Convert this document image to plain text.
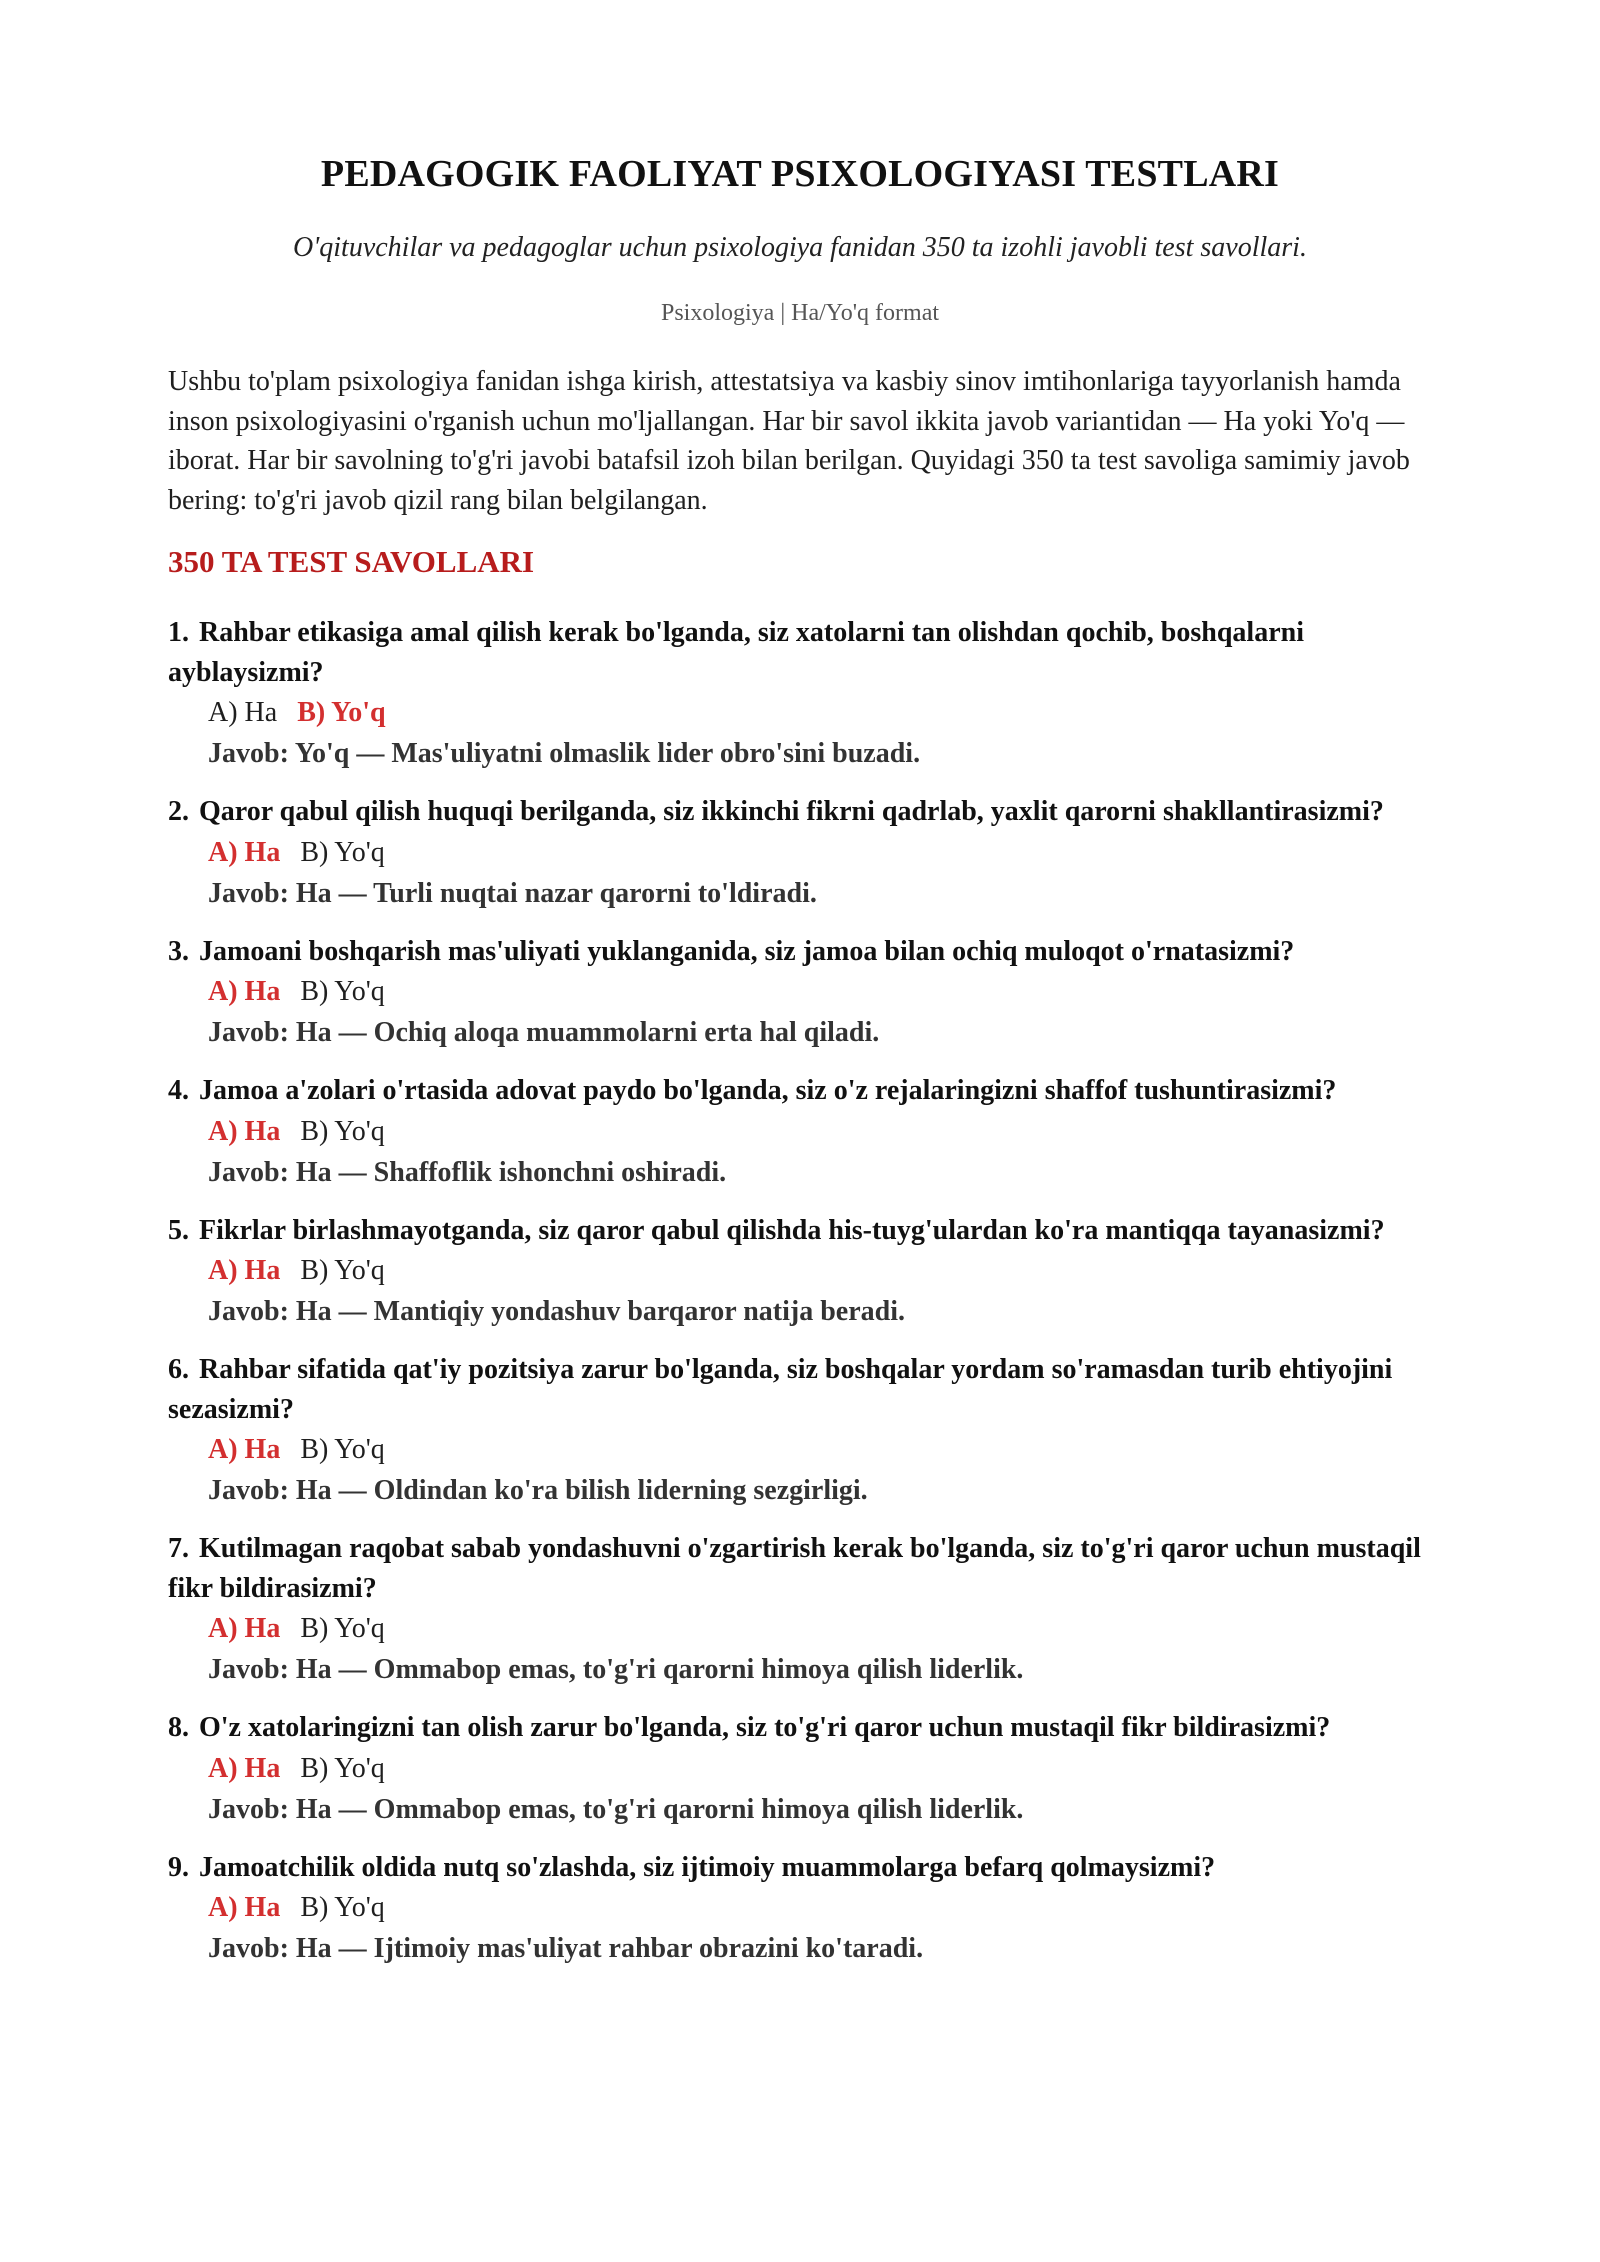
PEDAGOGIK FAOLIYAT PSIXOLOGIYASI TESTLARI
O'qituvchilar va pedagoglar uchun psixologiya fanidan 350 ta izohli javobli test savollari.
Psixologiya | Ha/Yo'q format
Ushbu to'plam psixologiya fanidan ishga kirish, attestatsiya va kasbiy sinov imtihonlariga tayyorlanish hamda inson psixologiyasini o'rganish uchun mo'ljallangan. Har bir savol ikkita javob variantidan — Ha yoki Yo'q — iborat. Har bir savolning to'g'ri javobi batafsil izoh bilan berilgan. Quyidagi 350 ta test savoliga samimiy javob bering: to'g'ri javob qizil rang bilan belgilangan.
350 TA TEST SAVOLLARI
1. Rahbar etikasiga amal qilish kerak bo'lganda, siz xatolarni tan olishdan qochib, boshqalarni ayblaysizmi?
A) Ha B) Yo'q
Javob: Yo'q — Mas'uliyatni olmaslik lider obro'sini buzadi.
2. Qaror qabul qilish huquqi berilganda, siz ikkinchi fikrni qadrlab, yaxlit qarorni shakllantirasizmi?
A) Ha B) Yo'q
Javob: Ha — Turli nuqtai nazar qarorni to'ldiradi.
3. Jamoani boshqarish mas'uliyati yuklanganida, siz jamoa bilan ochiq muloqot o'rnatasizmi?
A) Ha B) Yo'q
Javob: Ha — Ochiq aloqa muammolarni erta hal qiladi.
4. Jamoa a'zolari o'rtasida adovat paydo bo'lganda, siz o'z rejalaringizni shaffof tushuntirasizmi?
A) Ha B) Yo'q
Javob: Ha — Shaffoflik ishonchni oshiradi.
5. Fikrlar birlashmayotganda, siz qaror qabul qilishda his-tuyg'ulardan ko'ra mantiqqa tayanasizmi?
A) Ha B) Yo'q
Javob: Ha — Mantiqiy yondashuv barqaror natija beradi.
6. Rahbar sifatida qat'iy pozitsiya zarur bo'lganda, siz boshqalar yordam so'ramasdan turib ehtiyojini sezasizmi?
A) Ha B) Yo'q
Javob: Ha — Oldindan ko'ra bilish liderning sezgirligi.
7. Kutilmagan raqobat sabab yondashuvni o'zgartirish kerak bo'lganda, siz to'g'ri qaror uchun mustaqil fikr bildirasizmi?
A) Ha B) Yo'q
Javob: Ha — Ommabop emas, to'g'ri qarorni himoya qilish liderlik.
8. O'z xatolaringizni tan olish zarur bo'lganda, siz to'g'ri qaror uchun mustaqil fikr bildirasizmi?
A) Ha B) Yo'q
Javob: Ha — Ommabop emas, to'g'ri qarorni himoya qilish liderlik.
9. Jamoatchilik oldida nutq so'zlashda, siz ijtimoiy muammolarga befarq qolmaysizmi?
A) Ha B) Yo'q
Javob: Ha — Ijtimoiy mas'uliyat rahbar obrazini ko'taradi.
